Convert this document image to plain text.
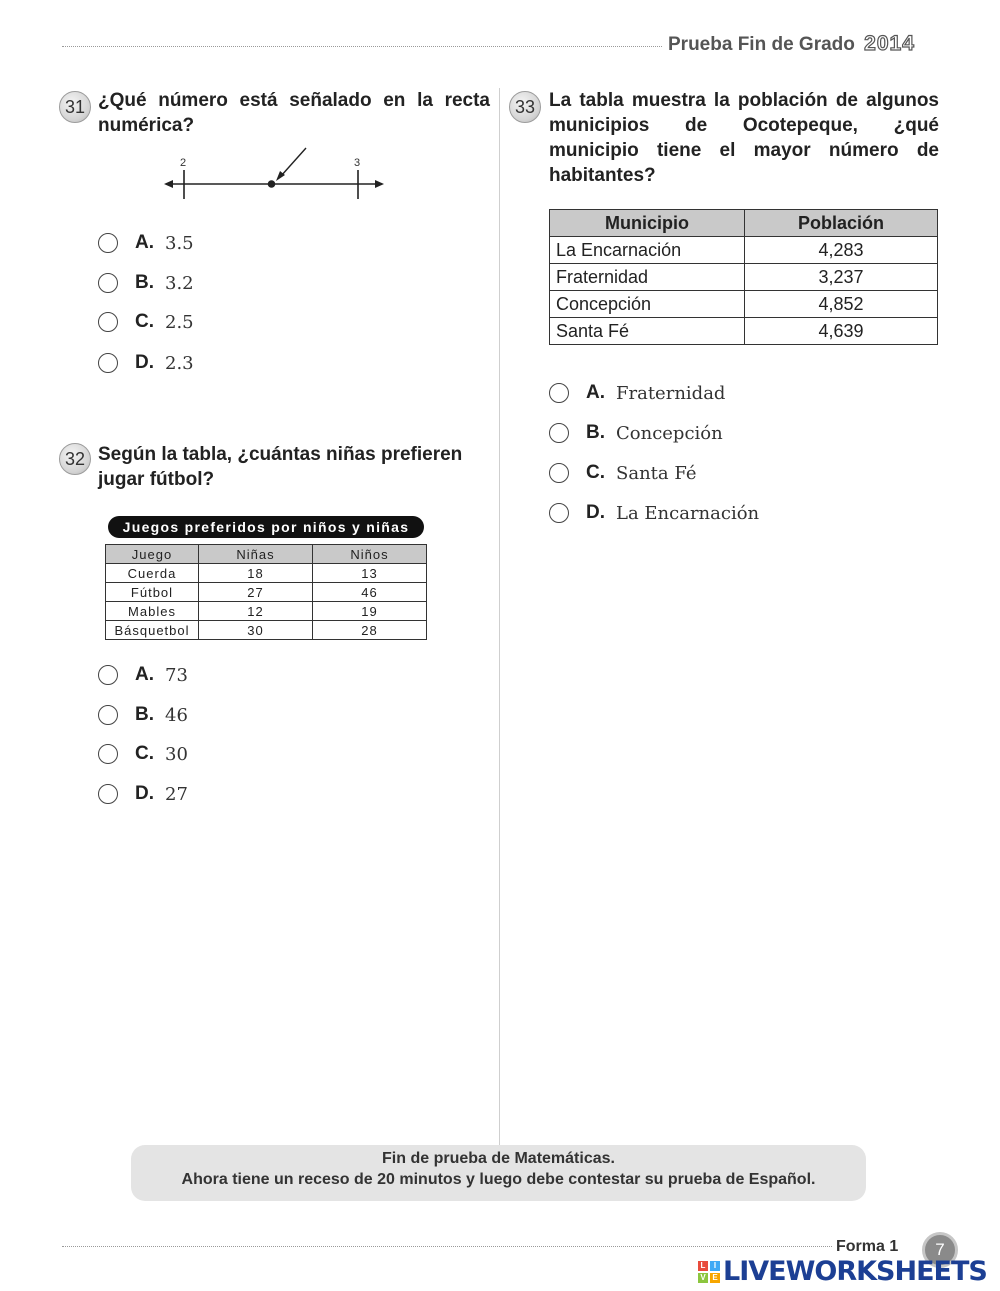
Prueba Fin de Grado 2014
31 ¿Qué número está señalado en la recta numérica?
2	3
A. 3.5
B. 3.2
C. 2.5
D. 2.3
32 Según la tabla, ¿cuántas niñas prefieren jugar fútbol?
Juegos preferidos por niños y niñas
Juego	Niñas	Niños
Cuerda	18	13
Fútbol	27	46
Mables	12	19
Básquetbol	30	28
A. 73
B. 46
C. 30
D. 27
33 La tabla muestra la población de algunos municipios de Ocotepeque, ¿qué municipio tiene el mayor número de habitantes?
Municipio	Población
La Encarnación	4,283
Fraternidad	3,237
Concepción	4,852
Santa Fé	4,639
A. Fraternidad
B. Concepción
C. Santa Fé
D. La Encarnación
Fin de prueba de Matemáticas.
Ahora tiene un receso de 20 minutos y luego debe contestar su prueba de Español.
Forma 1	7
L	I
V E LIVEWORKSHEETS
